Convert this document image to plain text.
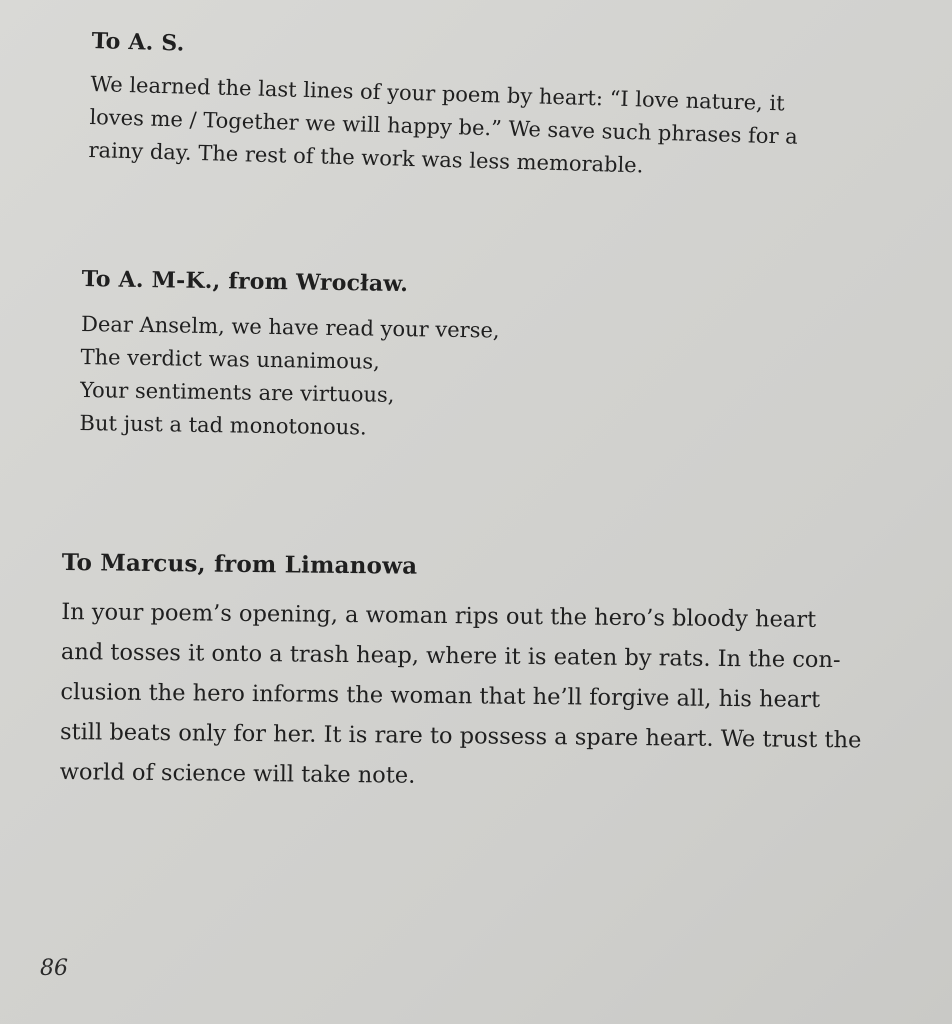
To A. S.

We learned the last lines of your poem by heart: “I love nature, it
loves me / Together we will happy be.” We save such phrases for a
rainy day. The rest of the work was less memorable.

To A. M-K., from Wrocław.

Dear Anselm, we have read your verse,
The verdict was unanimous,
Your sentiments are virtuous,
But just a tad monotonous.

To Marcus, from Limanowa

In your poem’s opening, a woman rips out the hero’s bloody heart
and tosses it onto a trash heap, where it is eaten by rats. In the con-
clusion the hero informs the woman that he’ll forgive all, his heart
still beats only for her. It is rare to possess a spare heart. We trust the
world of science will take note.
86
